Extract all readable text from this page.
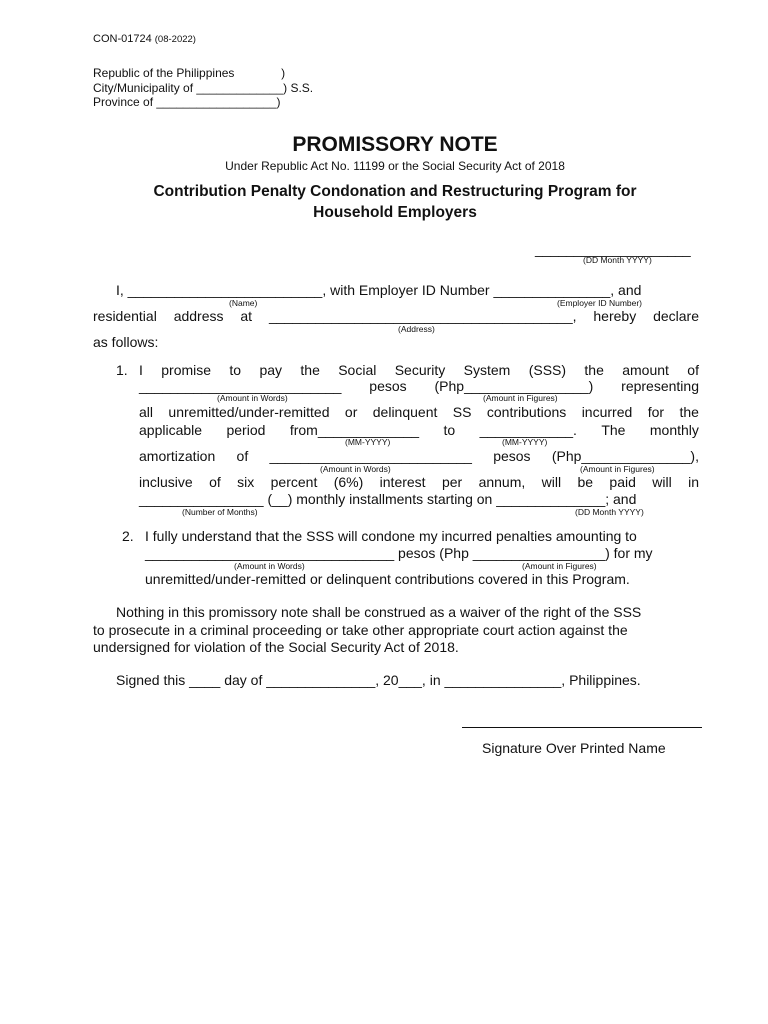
CON-01724 (08-2022)
Republic of the Philippines              )
City/Municipality of _____________) S.S.
Province of __________________)
PROMISSORY NOTE
Under Republic Act No. 11199 or the Social Security Act of 2018
Contribution Penalty Condonation and Restructuring Program for
Household Employers
____________________
(DD Month YYYY)
I, _________________________, with Employer ID Number _______________, and
(Name)	(Employer ID Number)
residential address at _______________________________________, hereby declare
(Address)
as follows:
1. I promise to pay the Social Security System (SSS) the amount of
__________________________ pesos (Php________________) representing
(Amount in Words)	(Amount in Figures)
all unremitted/under-remitted or delinquent SS contributions incurred for the
applicable period from_____________ to ____________. The monthly
(MM-YYYY)	(MM-YYYY)
amortization of __________________________ pesos (Php______________),
(Amount in Words)	(Amount in Figures)
inclusive of six percent (6%) interest per annum, will be paid will in
________________ (__) monthly installments starting on ______________; and
(Number of Months)	(DD Month YYYY)
2. I fully understand that the SSS will condone my incurred penalties amounting to
________________________________ pesos (Php _________________) for my
(Amount in Words)	(Amount in Figures)
unremitted/under-remitted or delinquent contributions covered in this Program.
Nothing in this promissory note shall be construed as a waiver of the right of the SSS
to prosecute in a criminal proceeding or take other appropriate court action against the
undersigned for violation of the Social Security Act of 2018.
Signed this ____ day of ______________, 20___, in _______________, Philippines.
Signature Over Printed Name
